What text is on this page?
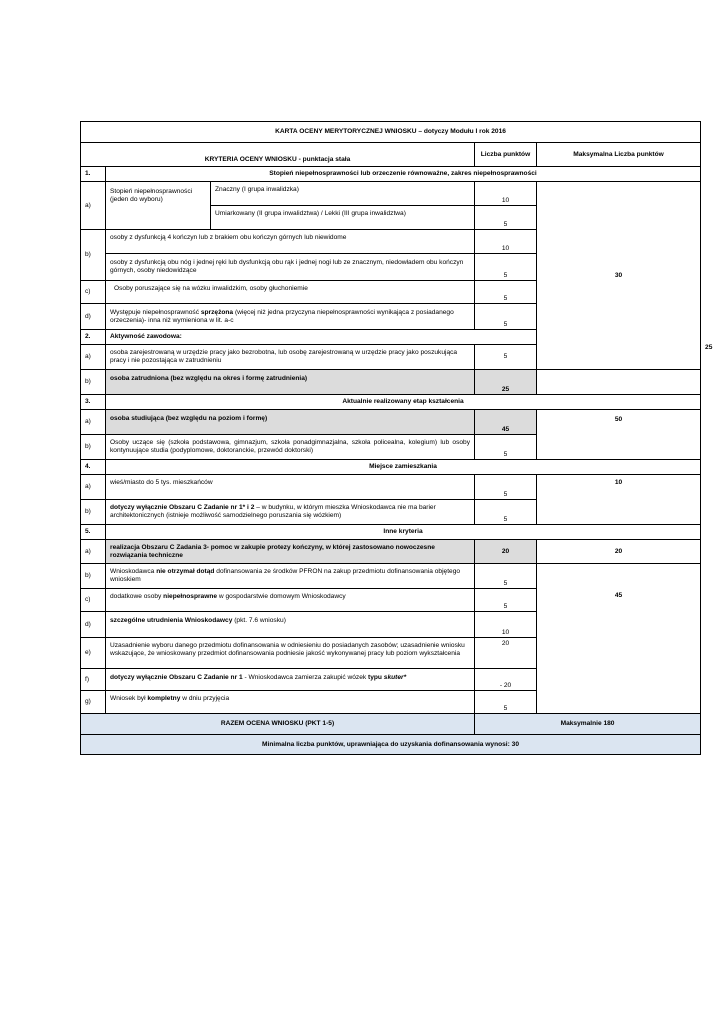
KARTA OCENY MERYTORYCZNEJ WNIOSKU – dotyczy Modułu I rok 2016					
KRYTERIA OCENY WNIOSKU - punktacja stała			Liczba punktów	Maksymalna Liczba punktów	
1.	Stopień niepełnosprawności lub orzeczenie równoważne, zakres niepełnosprawności				
a)	Stopień niepełnosprawności (jeden do wyboru)	Znaczny (I grupa inwalidzka)	10	30	
		Umiarkowany (II grupa inwalidztwa) / Lekki (III grupa inwalidztwa)	5		
b)	osoby z dysfunkcją 4 kończyn lub z brakiem obu kończyn górnych lub niewidome		10		
	osoby z dysfunkcją obu nóg i jednej ręki lub dysfunkcją obu rąk i jednej nogi lub ze znacznym, niedowładem obu kończyn górnych, osoby niedowidzące		5		
c)	Osoby poruszające się na wózku inwalidzkim, osoby głuchoniemie		5		
d)	Występuje niepełnosprawność sprzężona (więcej niż jedna przyczyna niepełnosprawności wynikająca z posiadanego orzeczenia)- inna niż wymieniona w lit. a-c		5		
2.	Aktywność zawodowa:				25
a)	osoba zarejestrowaną w urzędzie pracy jako bezrobotna, lub osobę zarejestrowaną w urzędzie pracy jako poszukująca pracy i nie pozostająca w zatrudnieniu		5		
b)	osoba zatrudniona (bez względu na okres i formę zatrudnienia)		25		
3.	Aktualnie realizowany etap kształcenia				
a)	osoba studiująca (bez względu na poziom i formę)		45	50	
b)	Osoby uczące się (szkoła podstawowa, gimnazjum, szkoła ponadgimnazjalna, szkoła policealna, kolegium) lub osoby kontynuujące studia (podyplomowe, doktoranckie, przewód doktorski)		5		
4.	Miejsce zamieszkania				
a)	wieś/miasto do 5 tys. mieszkańców		5	10	
b)	dotyczy wyłącznie Obszaru C Zadanie nr 1* i 2 – w budynku, w którym mieszka Wnioskodawca nie ma barier architektonicznych (istnieje możliwość samodzielnego poruszania się wózkiem)		5		
5.	Inne kryteria				
a)	realizacja Obszaru C Zadania 3- pomoc w zakupie protezy kończyny, w której zastosowano nowoczesne rozwiązania techniczne		20	20	
b)	Wnioskodawca nie otrzymał dotąd dofinansowania ze środków PFRON na zakup przedmiotu dofinansowania objętego wnioskiem		5	45	
c)	dodatkowe osoby niepełnosprawne w gospodarstwie domowym Wnioskodawcy		5		
d)	szczególne utrudnienia Wnioskodawcy (pkt. 7.6 wniosku)		10		
e)	Uzasadnienie wyboru danego przedmiotu dofinansowania w odniesieniu do posiadanych zasobów; uzasadnienie wniosku wskazujące, że wnioskowany przedmiot dofinansowania podniesie jakość wykonywanej pracy lub poziom wykształcenia		20		
f)	dotyczy wyłącznie Obszaru C Zadanie nr 1 - Wnioskodawca zamierza zakupić wózek typu skuter*		- 20		
g)	Wniosek był kompletny w dniu przyjęcia		5		
RAZEM OCENA WNIOSKU (PKT 1-5)			Maksymalnie 180		
Minimalna liczba punktów, uprawniająca do uzyskania dofinansowania wynosi: 30					
